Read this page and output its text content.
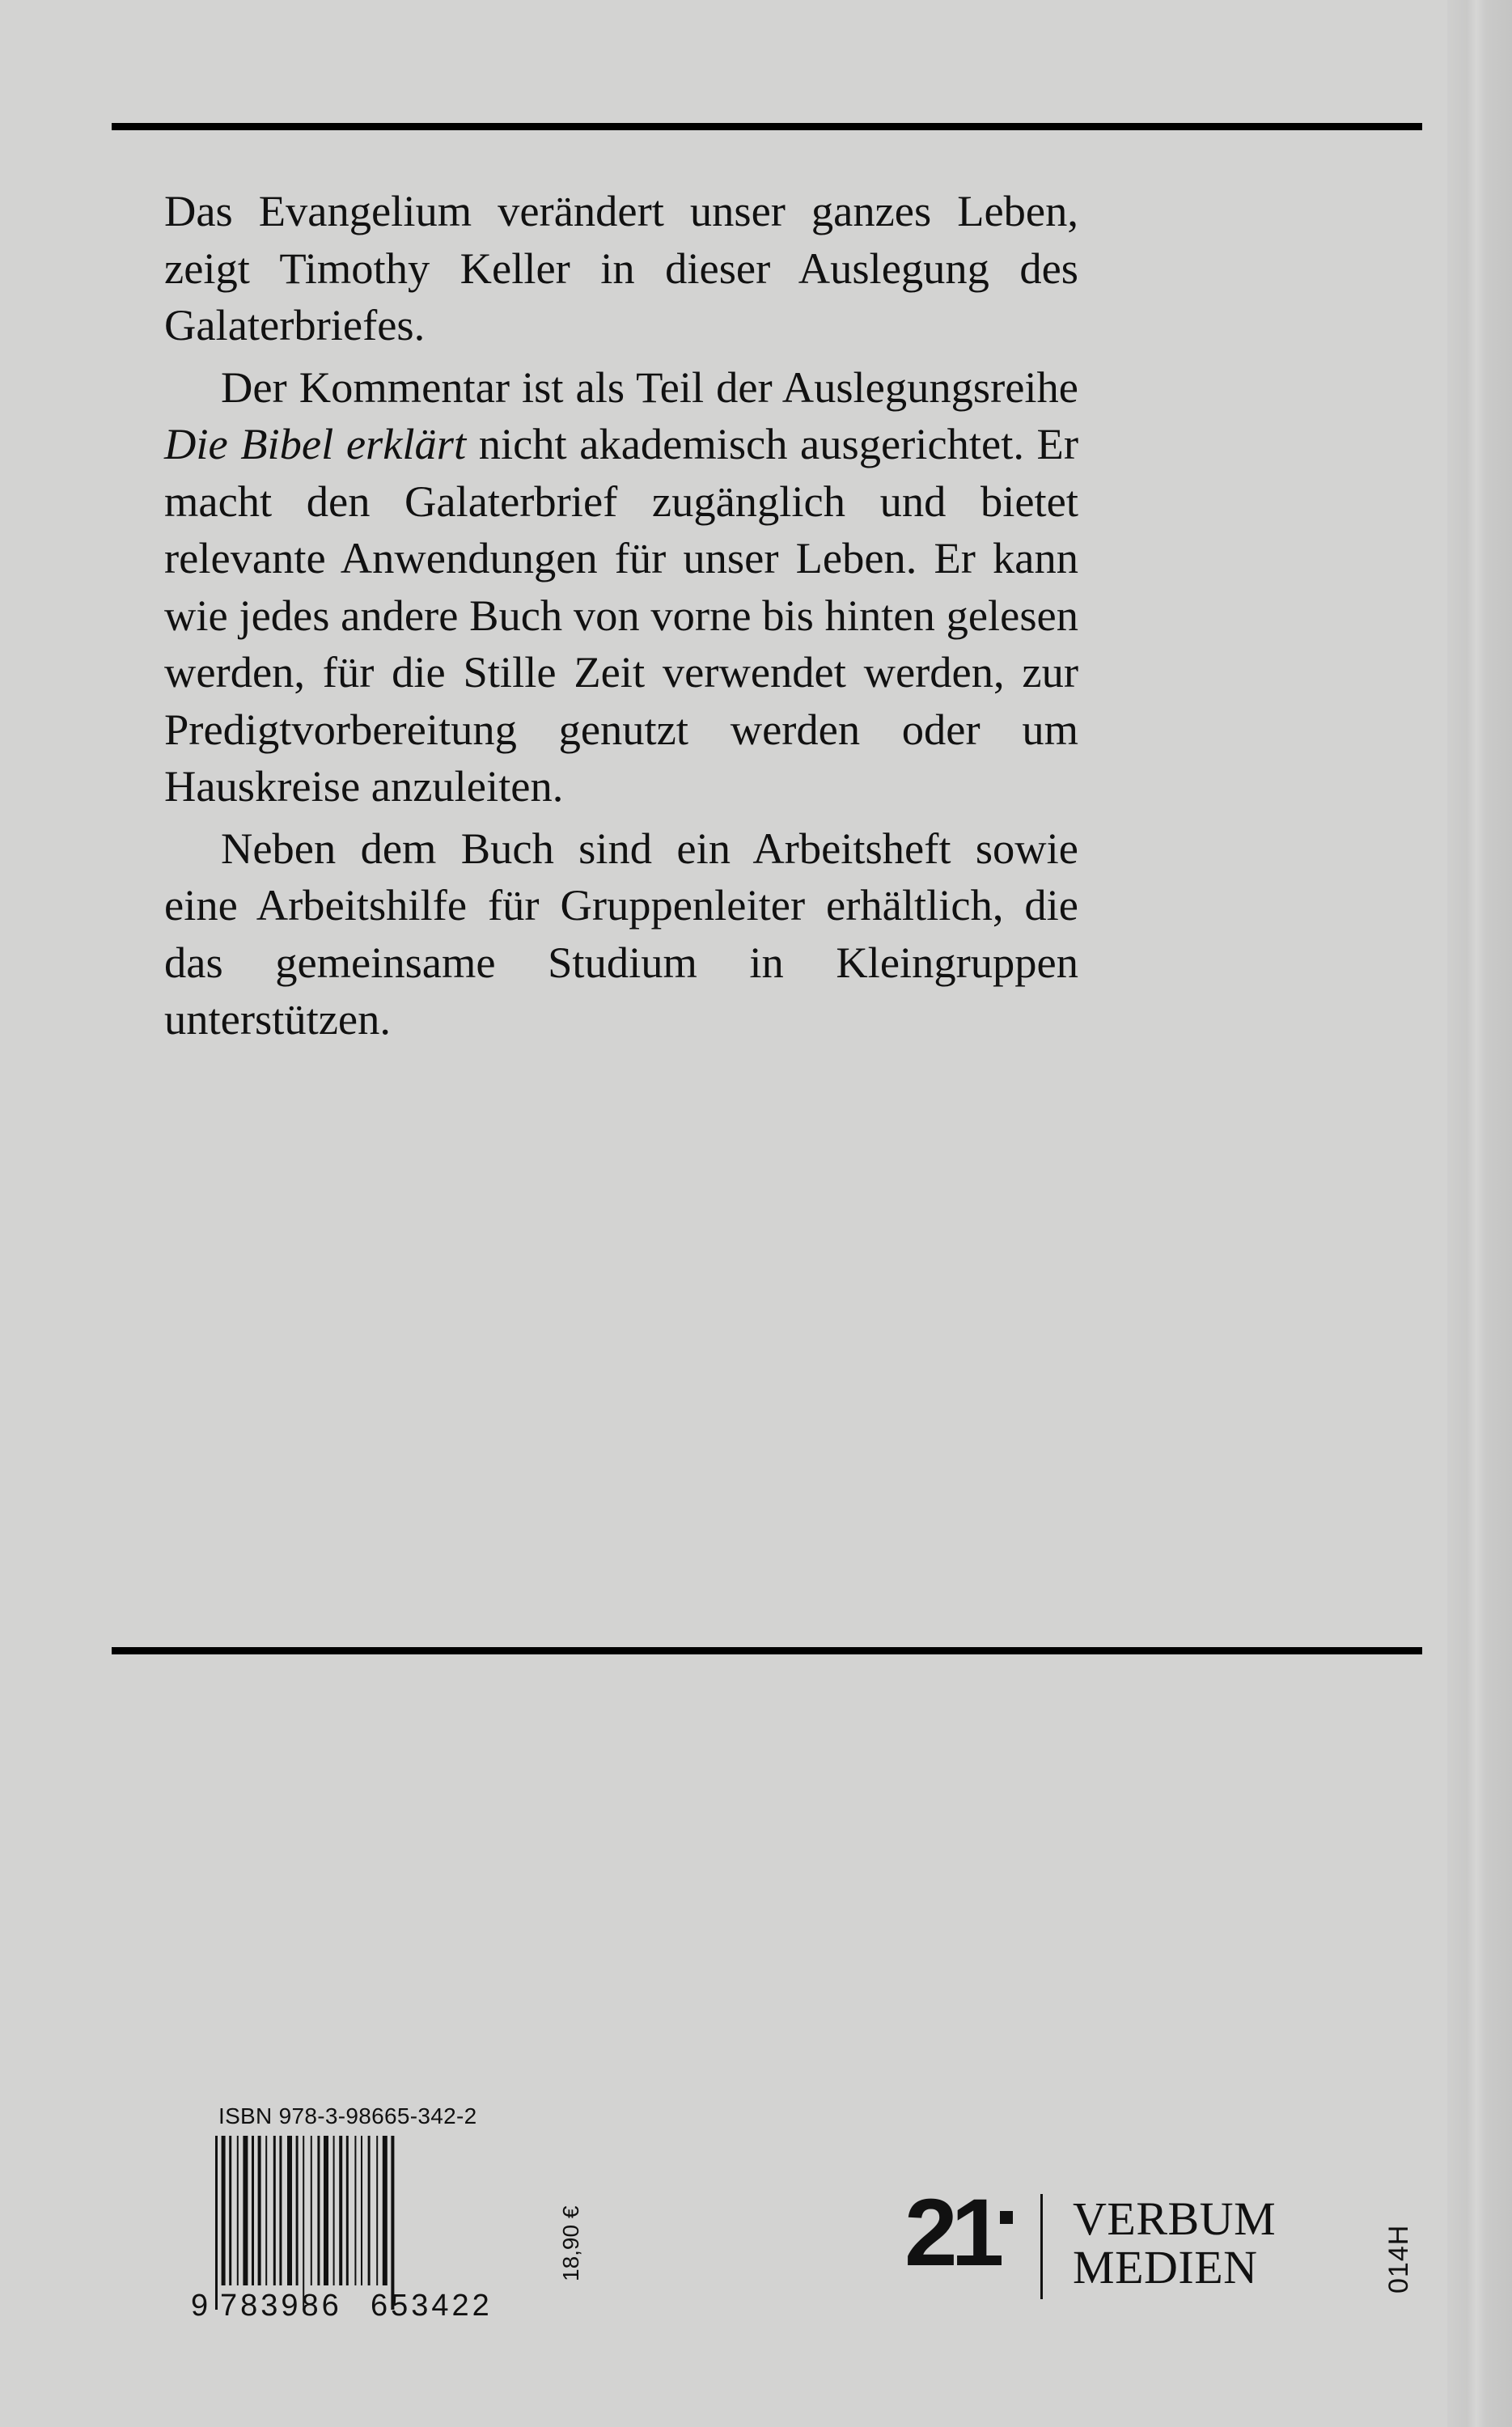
Das Evangelium verändert unser ganzes Leben, zeigt Timothy Keller in dieser Auslegung des Galaterbriefes.

Der Kommentar ist als Teil der Auslegungsreihe Die Bibel erklärt nicht akademisch ausgerichtet. Er macht den Galaterbrief zugänglich und bietet relevante Anwendungen für unser Leben. Er kann wie jedes andere Buch von vorne bis hinten gelesen werden, für die Stille Zeit verwendet werden, zur Predigtvorbereitung genutzt werden oder um Hauskreise anzuleiten.

Neben dem Buch sind ein Arbeitsheft sowie eine Arbeitshilfe für Gruppenleiter erhältlich, die das gemeinsame Studium in Kleingruppen unterstützen.

ISBN 978-3-98665-342-2
9 783986 653422
18,90 €	21 VERBUM
MEDIEN	014H
